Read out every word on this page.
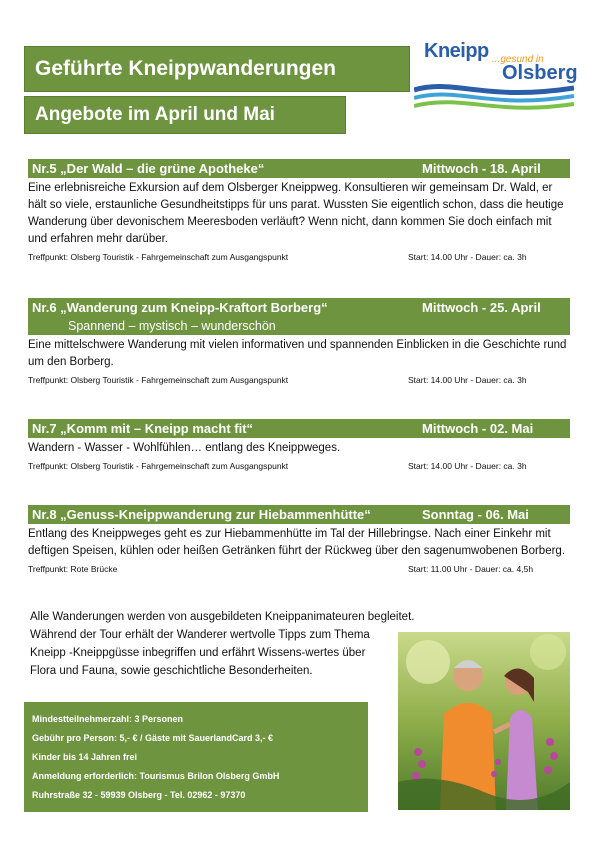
Geführte Kneippwanderungen
Angebote im April und Mai
Kneipp ...gesund in
Olsberg
Nr.5 „Der Wald – die grüne Apotheke“	Mittwoch - 18. April
Eine erlebnisreiche Exkursion auf dem Olsberger Kneippweg. Konsultieren wir gemeinsam Dr. Wald, er hält so viele, erstaunliche Gesundheitstipps für uns parat. Wussten Sie eigentlich schon, dass die heutige Wanderung über devonischem Meeresboden verläuft? Wenn nicht, dann kommen Sie doch einfach mit und erfahren mehr darüber.
Treffpunkt: Olsberg Touristik - Fahrgemeinschaft zum Ausgangspunkt	Start: 14.00 Uhr - Dauer: ca. 3h
Nr.6 „Wanderung zum Kneipp-Kraftort Borberg“	Mittwoch - 25. April
Spannend – mystisch – wunderschön
Eine mittelschwere Wanderung mit vielen informativen und spannenden Einblicken in die Geschichte rund um den Borberg.
Treffpunkt: Olsberg Touristik - Fahrgemeinschaft zum Ausgangspunkt	Start: 14.00 Uhr - Dauer: ca. 3h
Nr.7 „Komm mit – Kneipp macht fit“	Mittwoch - 02. Mai
Wandern - Wasser - Wohlfühlen… entlang des Kneippweges.
Treffpunkt: Olsberg Touristik - Fahrgemeinschaft zum Ausgangspunkt	Start: 14.00 Uhr - Dauer: ca. 3h
Nr.8 „Genuss-Kneippwanderung zur Hiebammenhütte“	Sonntag - 06. Mai
Entlang des Kneippweges geht es zur Hiebammenhütte im Tal der Hillebringse. Nach einer Einkehr mit deftigen Speisen, kühlen oder heißen Getränken führt der Rückweg über den sagenumwobenen Borberg.
Treffpunkt: Rote Brücke	Start: 11.00 Uhr - Dauer: ca. 4,5h
Alle Wanderungen werden von ausgebildeten Kneippanimateuren begleitet.
Während der Tour erhält der Wanderer wertvolle Tipps zum Thema Kneipp -Kneippgüsse inbegriffen und erfährt Wissens-wertes über Flora und Fauna, sowie geschichtliche Besonderheiten.
Mindestteilnehmerzahl: 3 Personen
Gebühr pro Person: 5,- € / Gäste mit SauerlandCard 3,- €
Kinder bis 14 Jahren frei
Anmeldung erforderlich: Tourismus Brilon Olsberg GmbH
Ruhrstraße 32 - 59939 Olsberg - Tel. 02962 - 97370
